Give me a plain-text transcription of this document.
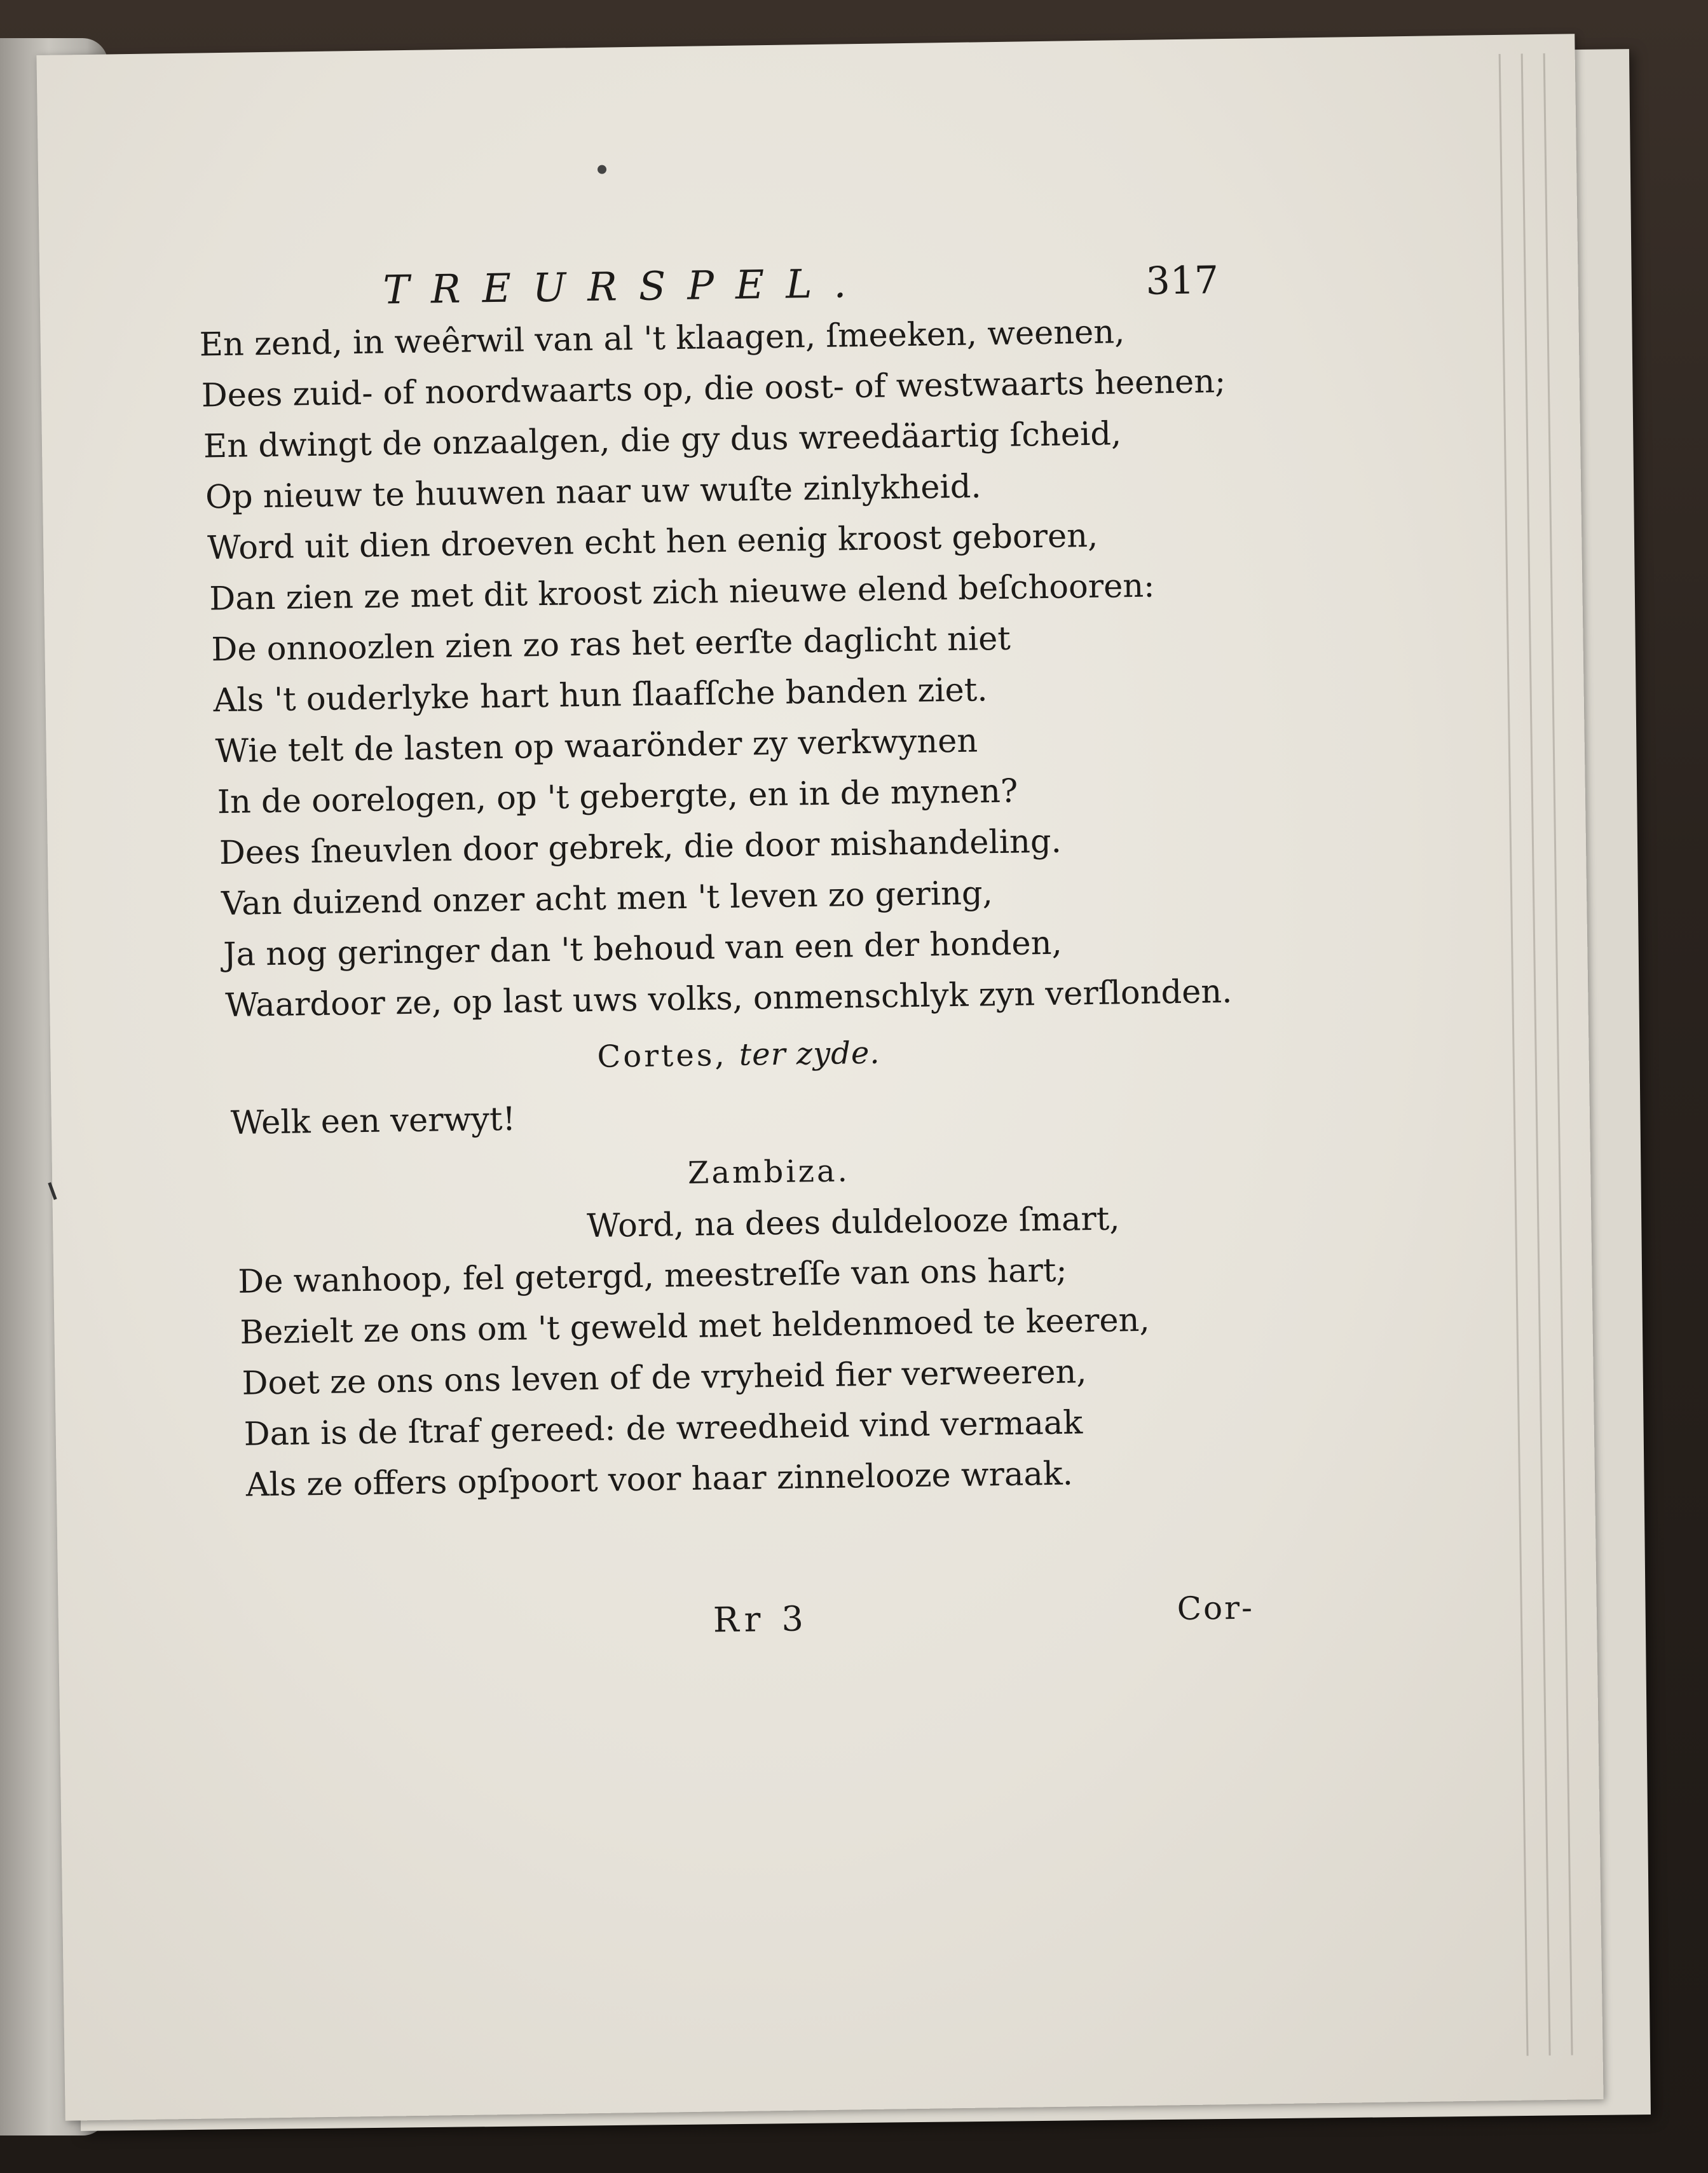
TREURSPEL.	317
En zend, in weêrwil van al 't klaagen, ſmeeken, weenen,
Dees zuid- of noordwaarts op, die oost- of westwaarts heenen;
En dwingt de onzaalgen, die gy dus wreedäartig ſcheid,
Op nieuw te huuwen naar uw wuſte zinlykheid.
Word uit dien droeven echt hen eenig kroost geboren,
Dan zien ze met dit kroost zich nieuwe elend beſchooren:
De onnoozlen zien zo ras het eerſte daglicht niet
Als 't ouderlyke hart hun ſlaafſche banden ziet.
Wie telt de lasten op waarönder zy verkwynen
In de oorelogen, op 't gebergte, en in de mynen?
Dees ſneuvlen door gebrek, die door mishandeling.
Van duizend onzer acht men 't leven zo gering,
Ja nog geringer dan 't behoud van een der honden,
Waardoor ze, op last uws volks, onmenschlyk zyn verſlonden.
Cortes, ter zyde.
Welk een verwyt!
Zambiza.
Word, na dees duldelooze ſmart,
De wanhoop, fel getergd, meestreſſe van ons hart;
Bezielt ze ons om 't geweld met heldenmoed te keeren,
Doet ze ons ons leven of de vryheid fier verweeren,
Dan is de ſtraf gereed: de wreedheid vind vermaak
Als ze offers opſpoort voor haar zinnelooze wraak.
Rr 3	Cor-
